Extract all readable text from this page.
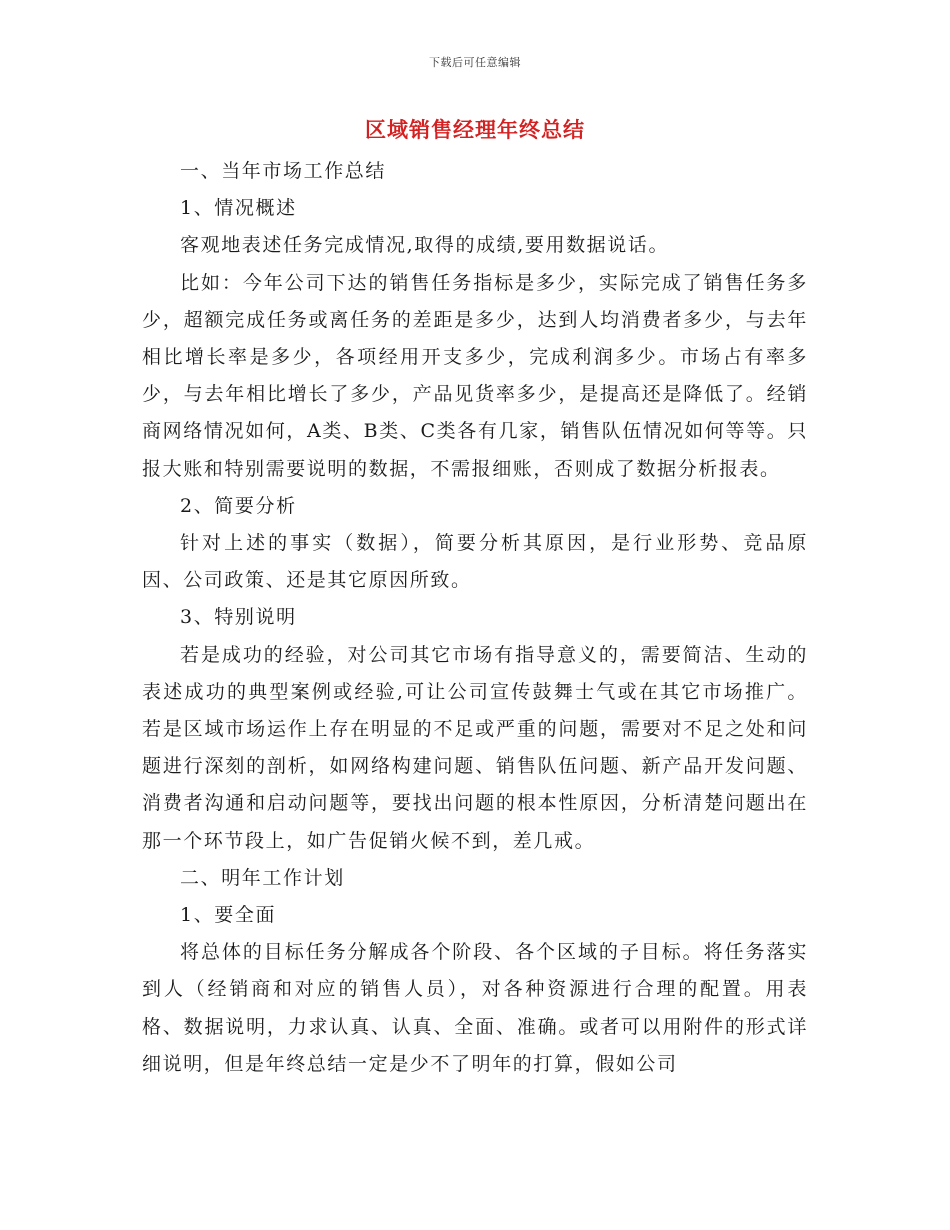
下载后可任意编辑
区域销售经理年终总结

一、当年市场工作总结

1、情况概述

客观地表述任务完成情况,取得的成绩,要用数据说话。

比如：今年公司下达的销售任务指标是多少，实际完成了销售任务多少，超额完成任务或离任务的差距是多少，达到人均消费者多少，与去年相比增长率是多少，各项经用开支多少，完成利润多少。市场占有率多少，与去年相比增长了多少，产品见货率多少，是提高还是降低了。经销商网络情况如何，A类、B类、C类各有几家，销售队伍情况如何等等。只报大账和特别需要说明的数据，不需报细账，否则成了数据分析报表。

2、简要分析

针对上述的事实（数据），简要分析其原因，是行业形势、竞品原因、公司政策、还是其它原因所致。

3、特别说明

若是成功的经验，对公司其它市场有指导意义的，需要简洁、生动的表述成功的典型案例或经验,可让公司宣传鼓舞士气或在其它市场推广。若是区域市场运作上存在明显的不足或严重的问题，需要对不足之处和问题进行深刻的剖析，如网络构建问题、销售队伍问题、新产品开发问题、消费者沟通和启动问题等，要找出问题的根本性原因，分析清楚问题出在那一个环节段上，如广告促销火候不到，差几戒。

二、明年工作计划

1、要全面

将总体的目标任务分解成各个阶段、各个区域的子目标。将任务落实到人（经销商和对应的销售人员），对各种资源进行合理的配置。用表格、数据说明，力求认真、认真、全面、准确。或者可以用附件的形式详细说明，但是年终总结一定是少不了明年的打算，假如公司
